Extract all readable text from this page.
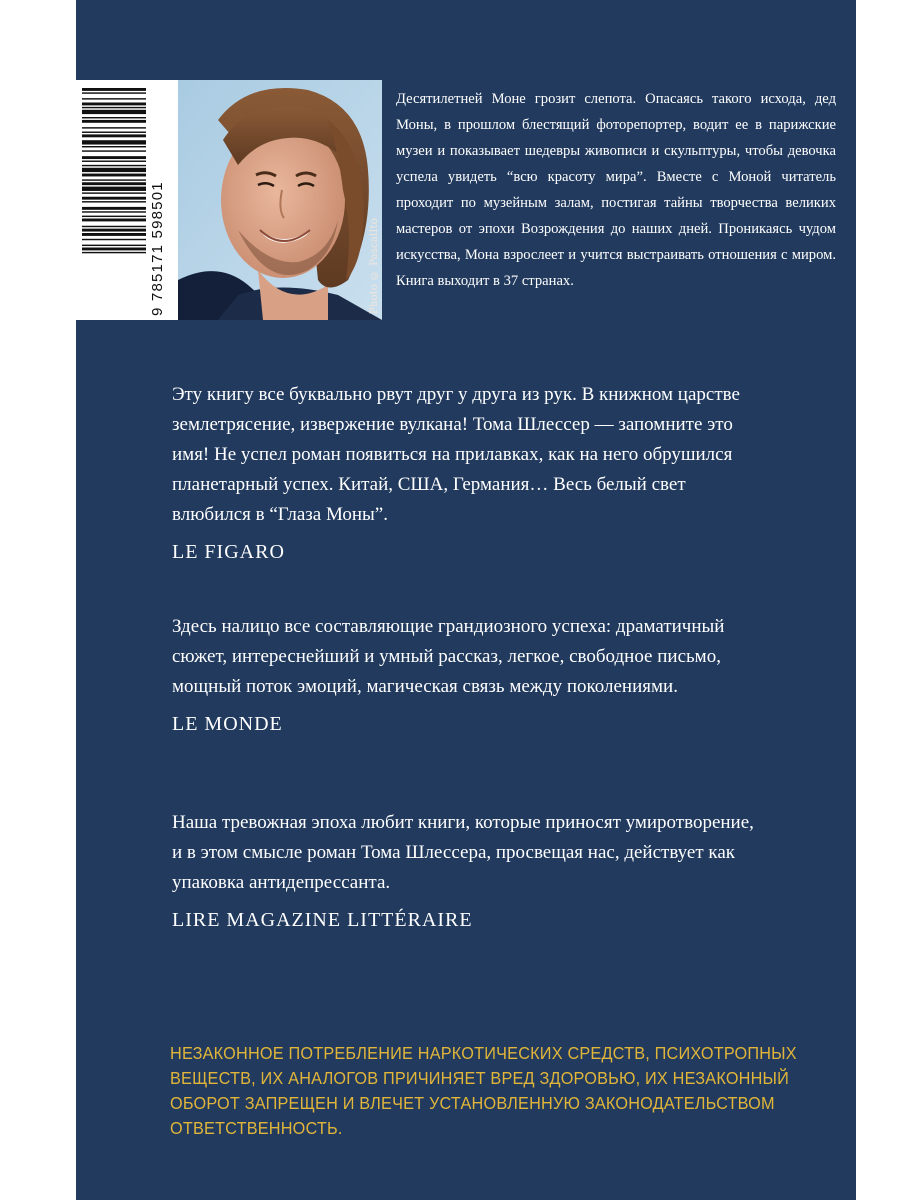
9 785171 598501	Photo © PascalIto

Десятилетней Моне грозит слепота. Опасаясь такого исхода, дед Моны, в прошлом блестящий фоторепортер, водит ее в парижские музеи и показывает шедевры живописи и скульптуры, чтобы девочка успела увидеть “всю красоту мира”. Вместе с Моной читатель проходит по музейным залам, постигая тайны творчества великих мастеров от эпохи Возрождения до наших дней. Проникаясь чудом искусства, Мона взрослеет и учится выстраивать отношения с миром. Книга выходит в 37 странах.

Эту книгу все буквально рвут друг у друга из рук. В книжном царстве землетрясение, извержение вулкана! Тома Шлессер — запомните это имя! Не успел роман появиться на прилавках, как на него обрушился планетарный успех. Китай, США, Германия… Весь белый свет влюбился в “Глаза Моны”.

LE FIGARO

Здесь налицо все составляющие грандиозного успеха: драматичный сюжет, интереснейший и умный рассказ, легкое, свободное письмо, мощный поток эмоций, магическая связь между поколениями.

LE MONDE

Наша тревожная эпоха любит книги, которые приносят умиротворение, и в этом смысле роман Тома Шлессера, просвещая нас, действует как упаковка антидепрессанта.

LIRE MAGAZINE LITTÉRAIRE

НЕЗАКОННОЕ ПОТРЕБЛЕНИЕ НАРКОТИЧЕСКИХ СРЕДСТВ, ПСИХОТРОПНЫХ ВЕЩЕСТВ, ИХ АНАЛОГОВ ПРИЧИНЯЕТ ВРЕД ЗДОРОВЬЮ, ИХ НЕЗАКОННЫЙ ОБОРОТ ЗАПРЕЩЕН И ВЛЕЧЕТ УСТАНОВЛЕННУЮ ЗАКОНОДАТЕЛЬСТВОМ ОТВЕТСТВЕННОСТЬ.
